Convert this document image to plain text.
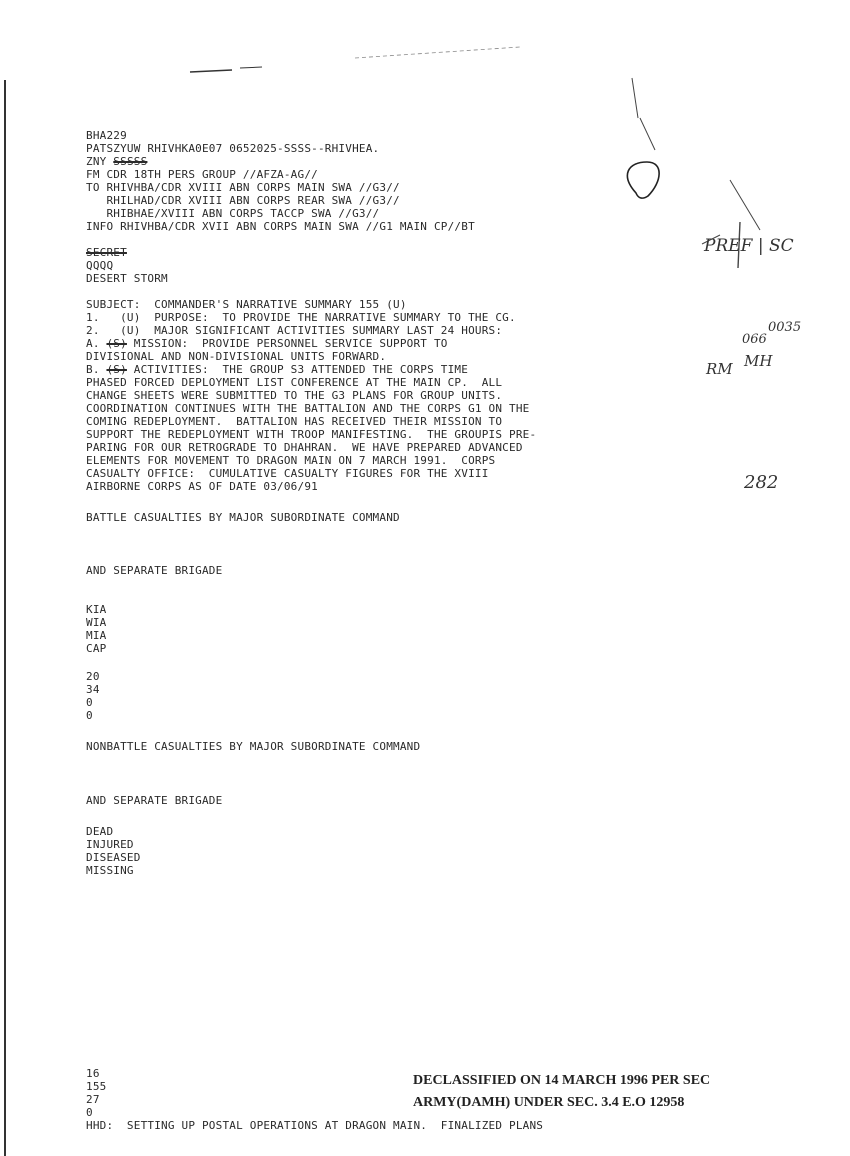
BHA229
PATSZYUW RHIVHKA0E07 0652025-SSSS--RHIVHEA.
ZNY SSSSS
FM CDR 18TH PERS GROUP //AFZA-AG//
TO RHIVHBA/CDR XVIII ABN CORPS MAIN SWA //G3//
RHILHAD/CDR XVIII ABN CORPS REAR SWA //G3//
RHIBHAE/XVIII ABN CORPS TACCP SWA //G3//
INFO RHIVHBA/CDR XVII ABN CORPS MAIN SWA //G1 MAIN CP//BT
SECRET
QQQQ
DESERT STORM
SUBJECT:  COMMANDER'S NARRATIVE SUMMARY 155 (U)
1.   (U)  PURPOSE:  TO PROVIDE THE NARRATIVE SUMMARY TO THE CG.
2.   (U)  MAJOR SIGNIFICANT ACTIVITIES SUMMARY LAST 24 HOURS:
A. (S) MISSION:  PROVIDE PERSONNEL SERVICE SUPPORT TO
DIVISIONAL AND NON-DIVISIONAL UNITS FORWARD.
B. (S) ACTIVITIES:  THE GROUP S3 ATTENDED THE CORPS TIME
PHASED FORCED DEPLOYMENT LIST CONFERENCE AT THE MAIN CP.  ALL
CHANGE SHEETS WERE SUBMITTED TO THE G3 PLANS FOR GROUP UNITS.
COORDINATION CONTINUES WITH THE BATTALION AND THE CORPS G1 ON THE
COMING REDEPLOYMENT.  BATTALION HAS RECEIVED THEIR MISSION TO
SUPPORT THE REDEPLOYMENT WITH TROOP MANIFESTING.  THE GROUPIS PRE-
PARING FOR OUR RETROGRADE TO DHAHRAN.  WE HAVE PREPARED ADVANCED
ELEMENTS FOR MOVEMENT TO DRAGON MAIN ON 7 MARCH 1991.  CORPS
CASUALTY OFFICE:  CUMULATIVE CASUALTY FIGURES FOR THE XVIII
AIRBORNE CORPS AS OF DATE 03/06/91
BATTLE CASUALTIES BY MAJOR SUBORDINATE COMMAND
AND SEPARATE BRIGADE
KIA
WIA
MIA
CAP
20
34
0
0
NONBATTLE CASUALTIES BY MAJOR SUBORDINATE COMMAND
AND SEPARATE BRIGADE
DEAD
INJURED
DISEASED
MISSING
16
155
27
0
HHD:  SETTING UP POSTAL OPERATIONS AT DRAGON MAIN.  FINALIZED PLANS
DECLASSIFIED ON 14 MARCH 1996 PER SEC
ARMY(DAMH) UNDER SEC. 3.4 E.O 12958
PREF | SC
066
0035
RM MH
282
